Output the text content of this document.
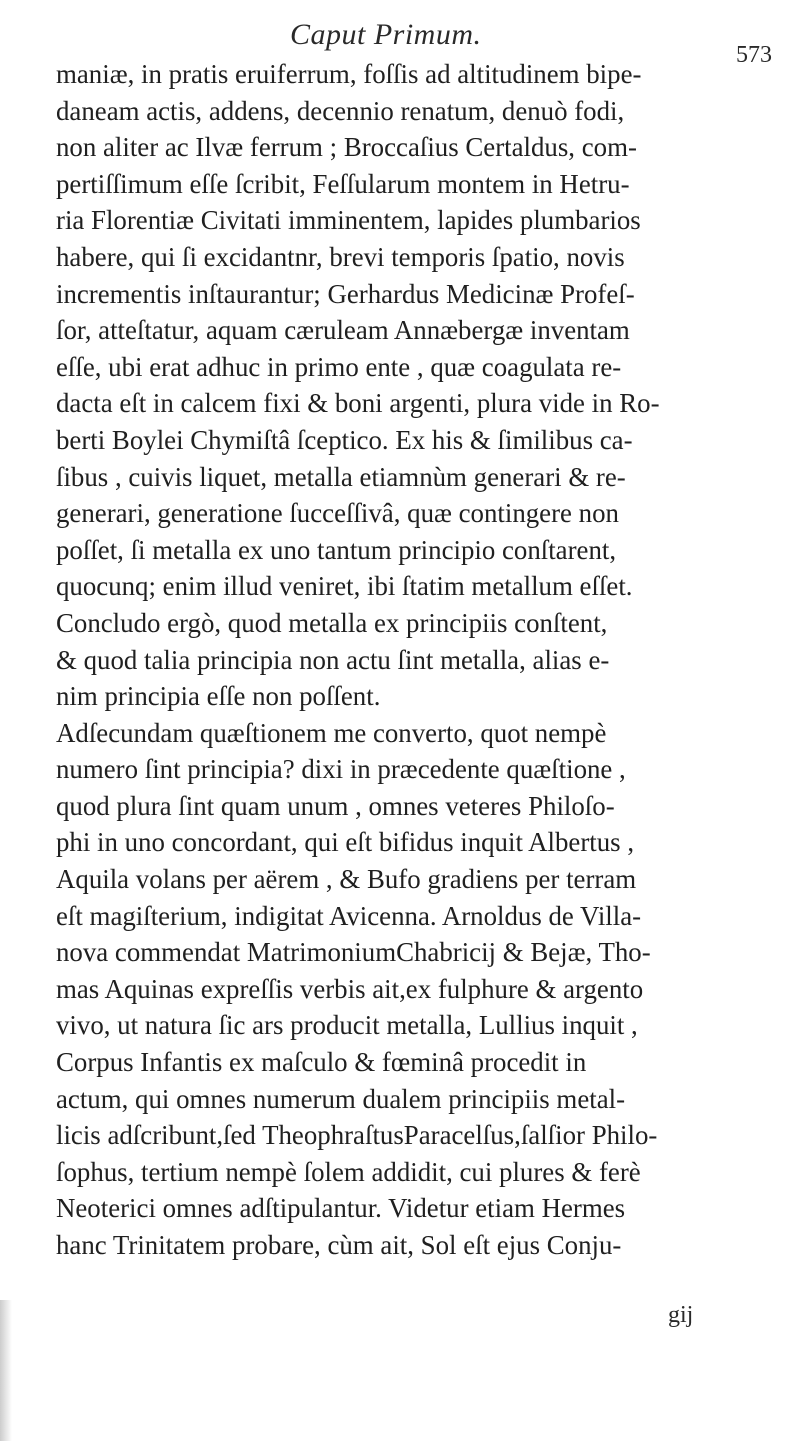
Caput Primum.
573
maniæ, in pratis eruiferrum, foſſis ad altitudinem bipe-
daneam actis, addens, decennio renatum, denuò fodi,
non aliter ac Ilvæ ferrum ; Broccaſius Certaldus, com-
pertiſſimum eſſe ſcribit, Feſſularum montem in Hetru-
ria Florentiæ Civitati imminentem, lapides plumbarios
habere, qui ſi excidantnr, brevi temporis ſpatio, novis
incrementis inſtaurantur; Gerhardus Medicinæ Profeſ-
ſor, atteſtatur, aquam cæruleam Annæbergæ inventam
eſſe, ubi erat adhuc in primo ente , quæ coagulata re-
dacta eſt in calcem fixi & boni argenti, plura vide in Ro-
berti Boylei Chymiſtâ ſceptico. Ex his & ſimilibus ca-
ſibus , cuivis liquet, metalla etiamnùm generari & re-
generari, generatione ſucceſſivâ, quæ contingere non
poſſet, ſi metalla ex uno tantum principio conſtarent,
quocunq; enim illud veniret, ibi ſtatim metallum eſſet.
Concludo ergò, quod metalla ex principiis conſtent,
& quod talia principia non actu ſint metalla, alias e-
nim principia eſſe non poſſent.
Adſecundam quæſtionem me converto, quot nempè
numero ſint principia? dixi in præcedente quæſtione ,
quod plura ſint quam unum , omnes veteres Philoſo-
phi in uno concordant, qui eſt bifidus inquit Albertus ,
Aquila volans per aërem , & Bufo gradiens per terram
eſt magiſterium, indigitat Avicenna. Arnoldus de Villa-
nova commendat MatrimoniumChabricij & Bejæ, Tho-
mas Aquinas expreſſis verbis ait,ex fulphure & argento
vivo, ut natura ſic ars producit metalla, Lullius inquit ,
Corpus Infantis ex maſculo & fœminâ procedit in
actum, qui omnes numerum dualem principiis metal-
licis adſcribunt,ſed TheophraſtusParacelſus,ſalſior Philo-
ſophus, tertium nempè ſolem addidit, cui plures & ferè
Neoterici omnes adſtipulantur. Videtur etiam Hermes
hanc Trinitatem probare, cùm ait, Sol eſt ejus Conju-
gij
